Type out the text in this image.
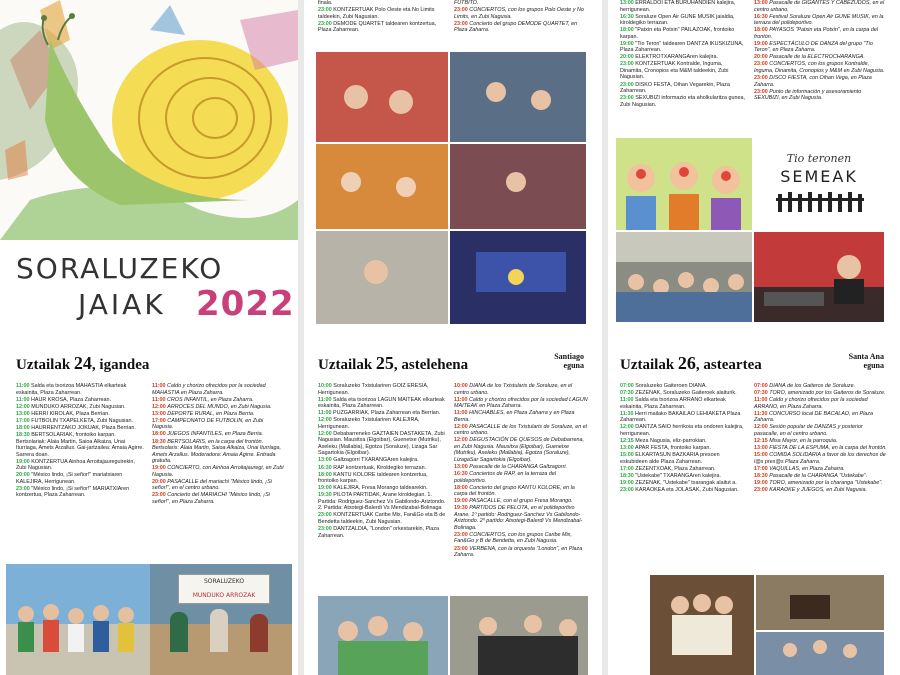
SORALUZEKO
JAIAK 2022
Uztailak 24, igandea
11:00 Salda eta txorizoa MAHASTIA elkarteak eskainita, Plaza Zaharrean.
11:00 HAUR KROSA, Plaza Zaharrean.
12:00 MUNDUKO ARROZAK, Zubi Nagusian.
13:00 HERRI KIROLAK, Plaza Berrian.
17:00 FUTBOLIN TXAPELKETA, Zubi Nagusian.
18:00 HAURRENTZAKO JOKUAK, Plaza Berrian.
18:30 BERTSOLARIAK, frontoiko karpan. Bertsolariak: Alaia Martin, Saioa Alkaiza, Unai Iturriaga, Amets Arzallus. Gai-jartzailea: Amaia Agirre. Sarrera doan.
19:00 KONTZERTUA Ainhoa Arroitajaureguirekin, Zubi Nagusian.
20:00 "México lindo, ¡Si señor!" mariatxiaren KALEJIRA, Herrigunean.
23:00 "México lindo, ¡Si señor!" MARIATXIAren kontzertua, Plaza Zaharrean.
11:00 Caldo y chorizo ofrecidos por la sociedad MAHASTIA en Plaza Zaharra.
11:00 CROS INFANTIL, en Plaza Zaharra.
12:00 ARROCES DEL MUNDO, en Zubi Nagusia.
13:00 DEPORTE RURAL, en Plaza Berria.
17:00 CAMPEONATO DE FUTBOLIN, en Zubi Nagusia.
18:00 JUEGOS INFANTILES, en Plaza Berria.
18:30 BERTSOLARIS, en la carpa del frontón. Bertsolaris: Alaia Martin, Saioa Alkaiza, Unai Iturriaga, Amets Arzallus. Moderadora: Amaia Agirre. Entrada gratuita.
19:00 CONCIERTO, con Ainhoa Arroitajauregi, en Zubi Nagusia.
20:00 PASACALLE del mariachi "México lindo, ¡Si señor!", en el centro urbano.
23:00 Concierto del MARIACHI "México lindo, ¡Si señor!", en Plaza Zaharra.
SORALUZEKO
MUNDUKO ARROZAK
finala.
23:00 KONTZERTUAK Polo Oeste eta No Limits taldeekin, Zubi Nagusian.
23:00 DEMODE QUARTET taldearen kontzertua, Plaza Zaharrean.
FUTBITO.
23:00 CONCIERTOS, con los grupos Polo Oeste y No Limits, en Zubi Nagusia.
23:00 Concierto del grupo DEMODE QUARTET, en Plaza Zaharra.
Uztailak 25, astelehena
Santiago eguna
10:00 Soraluzeko Txistulariren GOIZ ERESIA, Herrigunean.
11:00 Salda eta txorizoa LAGUN MAITEAK elkarteak eskainita, Plaza Zaharrean.
11:00 PUZGARRIAK, Plaza Zaharrean eta Berrian.
12:00 Soraluzeko Txistulariren KALEJIRA, Herrigunean.
12:00 Debabarreneko GAZTAIEN DASTAKETA, Zubi Nagusian. Mausitxa (Elgoibar), Guenetxe (Mutriku), Axeleku (Mallabia), Egotza (Soraluze), Lizaga Sar Sagartokia (Elgoibar).
13:00 Galtzagorri TXARANGAren kalejira.
16:30 RAP kontzertuak, Kiroldegiko terrazan.
18:00 KANTU KOLORE taldearen kontzertua, frontoiko karpan.
19:00 KALEJIRA, Fresa Morango taldearekin.
19:30 PILOTA PARTIDAK, Arane kiroldegian. 1. Partida: Rodriguez-Sanchez Vs Gabilondo-Ariztondo. 2. Partida: Atxotegi-Balerdi Vs Mendizabal-Bolinaga
23:00 KONTZERTUAK Caribe Mix, Fan&Go eta B de Bendetta taldeekin, Zubi Nagusian.
23:00 DANTZALDIA, "London" orkestarekin, Plaza Zaharrean.
10:00 DIANA de los Txistularis de Soraluze, en el centro urbano.
11:00 Caldo y chorizo ofrecidos por la sociedad LAGUN MAITEAK en Plaza Zaharra.
11:00 HINCHABLES, en Plaza Zaharra y en Plaza Berria.
12:00 PASACALLE de los Txistularis de Soraluze, en el centro urbano.
12:00 DEGUSTACIÓN DE QUESOS de Debabarrena, en Zubi Nagusia. Mausitxa (Elgoibar), Guenetxe (Mutriku), Axeleku (Mallabia), Egotza (Soraluze), LizagaSar Sagartokia (Elgoibar).
13:00 Pasacalle de la CHARANGA Galtzagorri.
16:30 Conciertos de RAP, en la terraza del polideportivo.
18:00 Concierto del grupo KANTU KOLORE, en la carpa del frontón.
19:00 PASACALLE, con el grupo Fresa Morango.
19:30 PARTIDOS DE PELOTA, en el polideportivo Arane. 1º partido: Rodriguez-Sanchez Vs Gabilondo-Ariztondo. 2º partido: Atxotegi-Balerdi Vs Mendizabal-Bolinaga.
23:00 CONCIERTOS, con los grupos Caribe Mix, Fan&Go y B de Bendetta, en Zubi Nagusia.
23:00 VERBENA, con la orquesta "London", en Plaza Zaharra.
13:00 ERRALDOI ETA BURUHANDIEN kalejira, herrigunean.
16:30 Soraluze Open Air GUNE MUSIK jaialdia, kiroldegiko terrazan.
18:00 "Patxin eta Potxin" PAILAZOAK, frontoiko karpan.
19:00 "Tio Teron" taldearen DANTZA IKUSKIZUNA, Plaza Zaharrean.
20:00 ELEKTROTXARANGAren kalejira.
23:00 KONTZERTUAK Kontralde, Inguma, Dinamita, Cronopios eta M&M taldeekin, Zubi Nagusian.
23:00 DISKO FESTA, Oihan Vegarekin, Plaza Zaharrean.
23:00 SEXUBIZI informazio eta aholkularitza gunea, Zubi Nagusian.
13:00 Pasacalle de GIGANTES Y CABEZUDOS, en el centro urbano.
16:30 Festival Soraluze Open Air GUNE MUSIK, en la terraza del polideportivo.
18:00 PAYASOS "Patxin eta Potxin", en la carpa del frontón.
19:00 ESPECTÁCULO DE DANZA del grupo "Tio Teron", en Plaza Zaharra.
20:00 Pasacalle de la ELECTROCHARANGA.
23:00 CONCIERTOS, con los grupos Kontralde, Inguma, Dinamita, Cronopios y M&M en Zubi Nagusia.
23:00 DISCO FIESTA, con Oihan Vega, en Plaza Zaharra.
23:00 Punto de información y asesoramiento SEXUBIZI, en Zubi Nagusia.
Tio teronen
SEMEAK
Uztailak 26, asteartea
Santa Ana eguna
07:00 Soraluzeko Gaiteroen DIANA.
07:30 ZEZENAK, Soraluzeko Gaiteroek alaiturik.
11:00 Salda eta txorizoa ARRANO elkarteak eskainita, Plaza Zaharrean.
11:30 Herri mailako BAKAILAO LEHIAKETA Plaza Zaharrean.
12:00 DANTZA SAIO herrikoia eta ondoren kalejira, herrigunean.
12:15 Meza Nagusia, eliz-parrokian.
13:00 APAR FESTA, frontoiko karpan.
15:00 ELKARTASUN BAZKARIA presoen eskubideen alde Plaza Zaharrean.
17:00 ZEZENTXOAK, Plaza Zaharrean.
18:30 "Ustekabe" TXARANGAren kalejira.
19:00 ZEZENAK, "Ustekabe" txarangak alaitut a.
23:00 KARAOKEA eta JOLASAK, Zubi Nagusian.
07:00 DIANA de los Gaiteros de Soraluze.
07:30 TORO, amenizado por los Gaiteros de Soraluze.
11:00 Caldo y chorizo ofrecidos por la sociedad ARRANO, en Plaza Zaharra.
11:30 CONCURSO local DE BACALAO, en Plaza Zaharra.
12:00 Sesión popular de DANZAS y posterior pasacalle, en el centro urbano.
12:15 Misa Mayor, en la parroquia.
13:00 FIESTA DE LA ESPUMA, en la carpa del frontón.
15:00 COMIDA SOLIDARIA a favor de los derechos de l@s pres@s Plaza Zaharra.
17:00 VAQUILLAS, en Plaza Zaharra.
18:30 Pasacalle de la CHARANGA "Ustekabe".
19:00 TORO, amenizado por la charanga "Ustekabe".
23:00 KARAOKE y JUEGOS, en Zubi Nagusia.
